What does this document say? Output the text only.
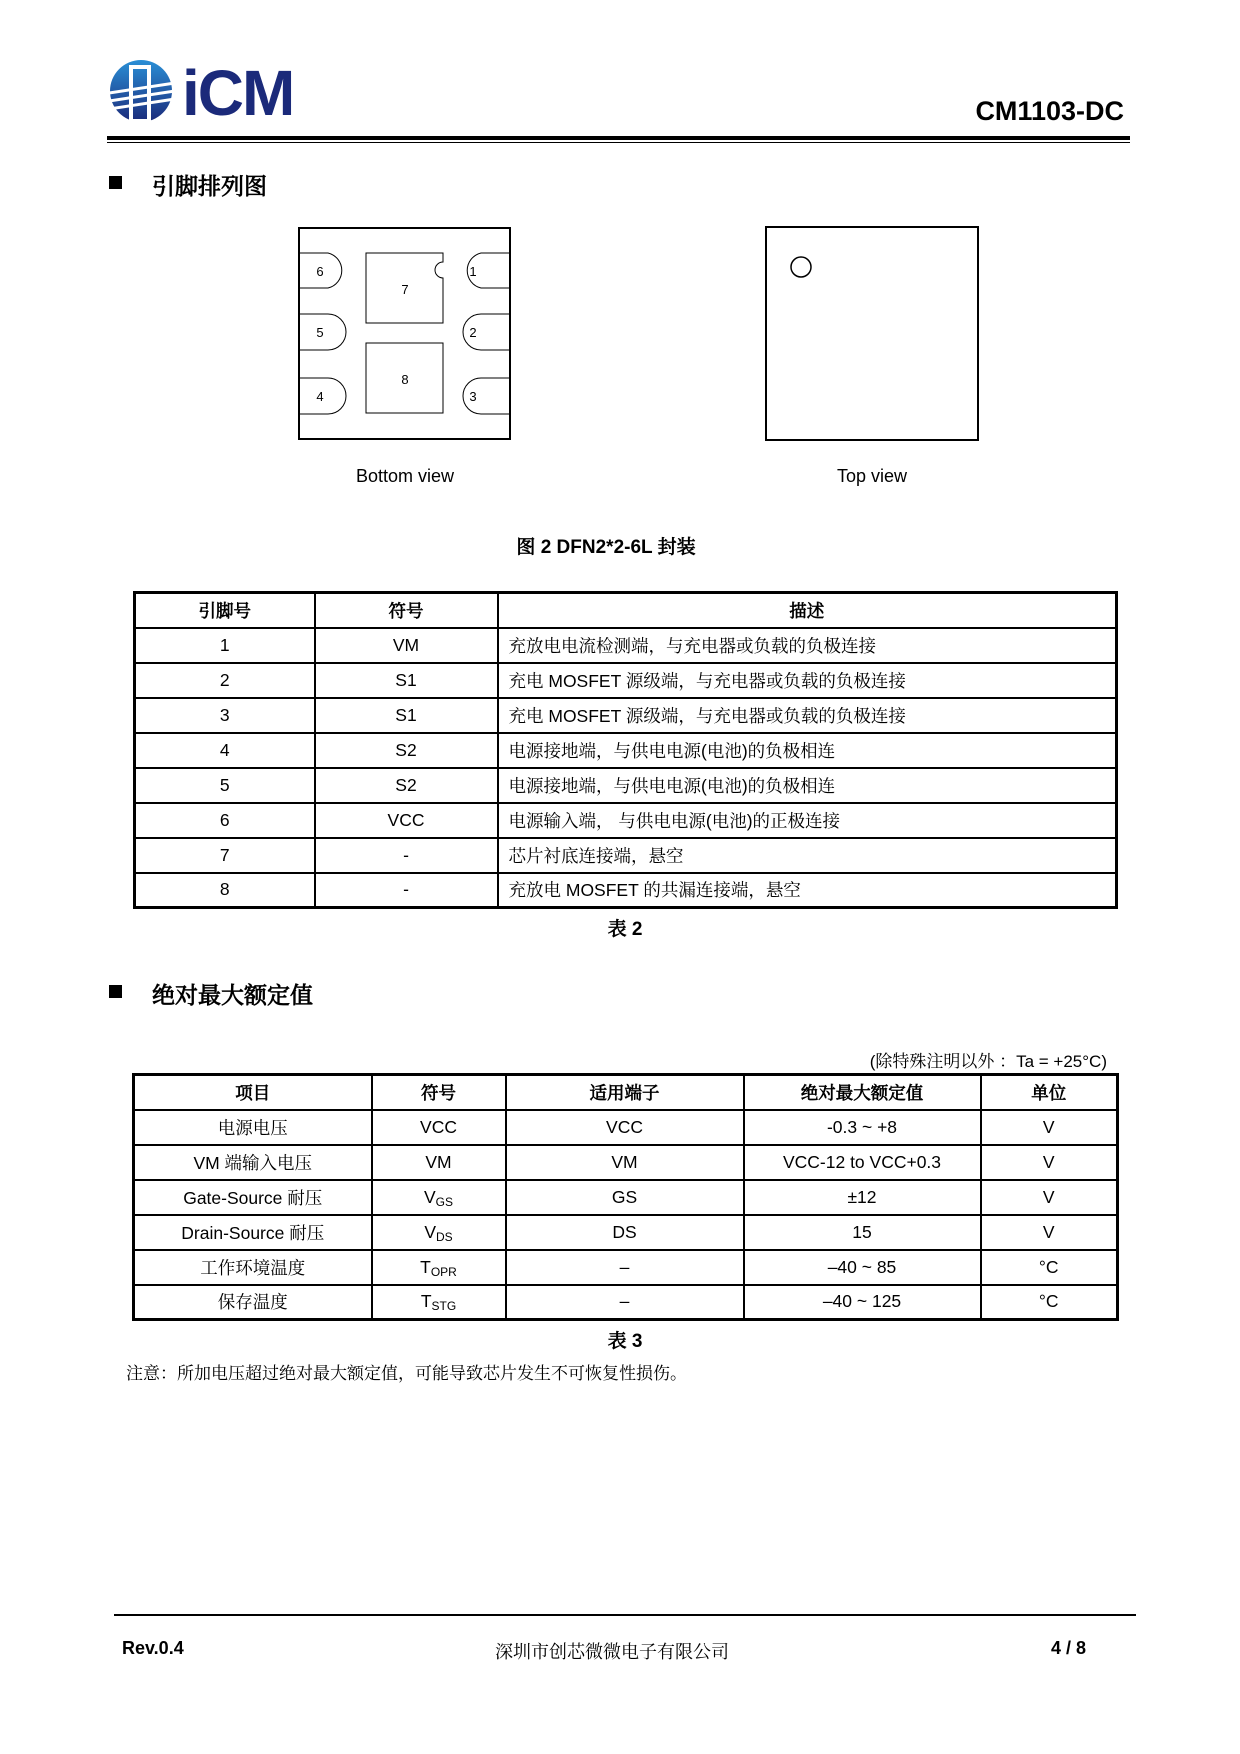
iCM	CM1103-DC
引脚排列图
1
2
3
4
5
6
7
8
Bottom view	Top view
图 2 DFN2*2-6L 封装
引脚号	符号	描述
1	VM	充放电电流检测端，与充电器或负载的负极连接
2	S1	充电 MOSFET 源级端，与充电器或负载的负极连接
3	S1	充电 MOSFET 源级端，与充电器或负载的负极连接
4	S2	电源接地端，与供电电源(电池)的负极相连
5	S2	电源接地端，与供电电源(电池)的负极相连
6	VCC	电源输入端， 与供电电源(电池)的正极连接
7	-	芯片衬底连接端，悬空
8	-	充放电 MOSFET 的共漏连接端，悬空
表 2
绝对最大额定值
(除特殊注明以外 ：Ta = +25°C)
项目	符号	适用端子	绝对最大额定值	单位
电源电压	VCC	VCC	-0.3 ~ +8	V
VM 端输入电压	VM	VM	VCC-12 to VCC+0.3	V
Gate-Source 耐压	$V_{GS}$	GS	±12	V
Drain-Source 耐压	$V_{DS}$	DS	15	V
工作环境温度	$T_{OPR}$	–	–40 ~ 85	°C
保存温度	$T_{STG}$	–	–40 ~ 125	°C
表 3
注意：所加电压超过绝对最大额定值，可能导致芯片发生不可恢复性损伤。
Rev.0.4	深圳市创芯微微电子有限公司	4 / 8
